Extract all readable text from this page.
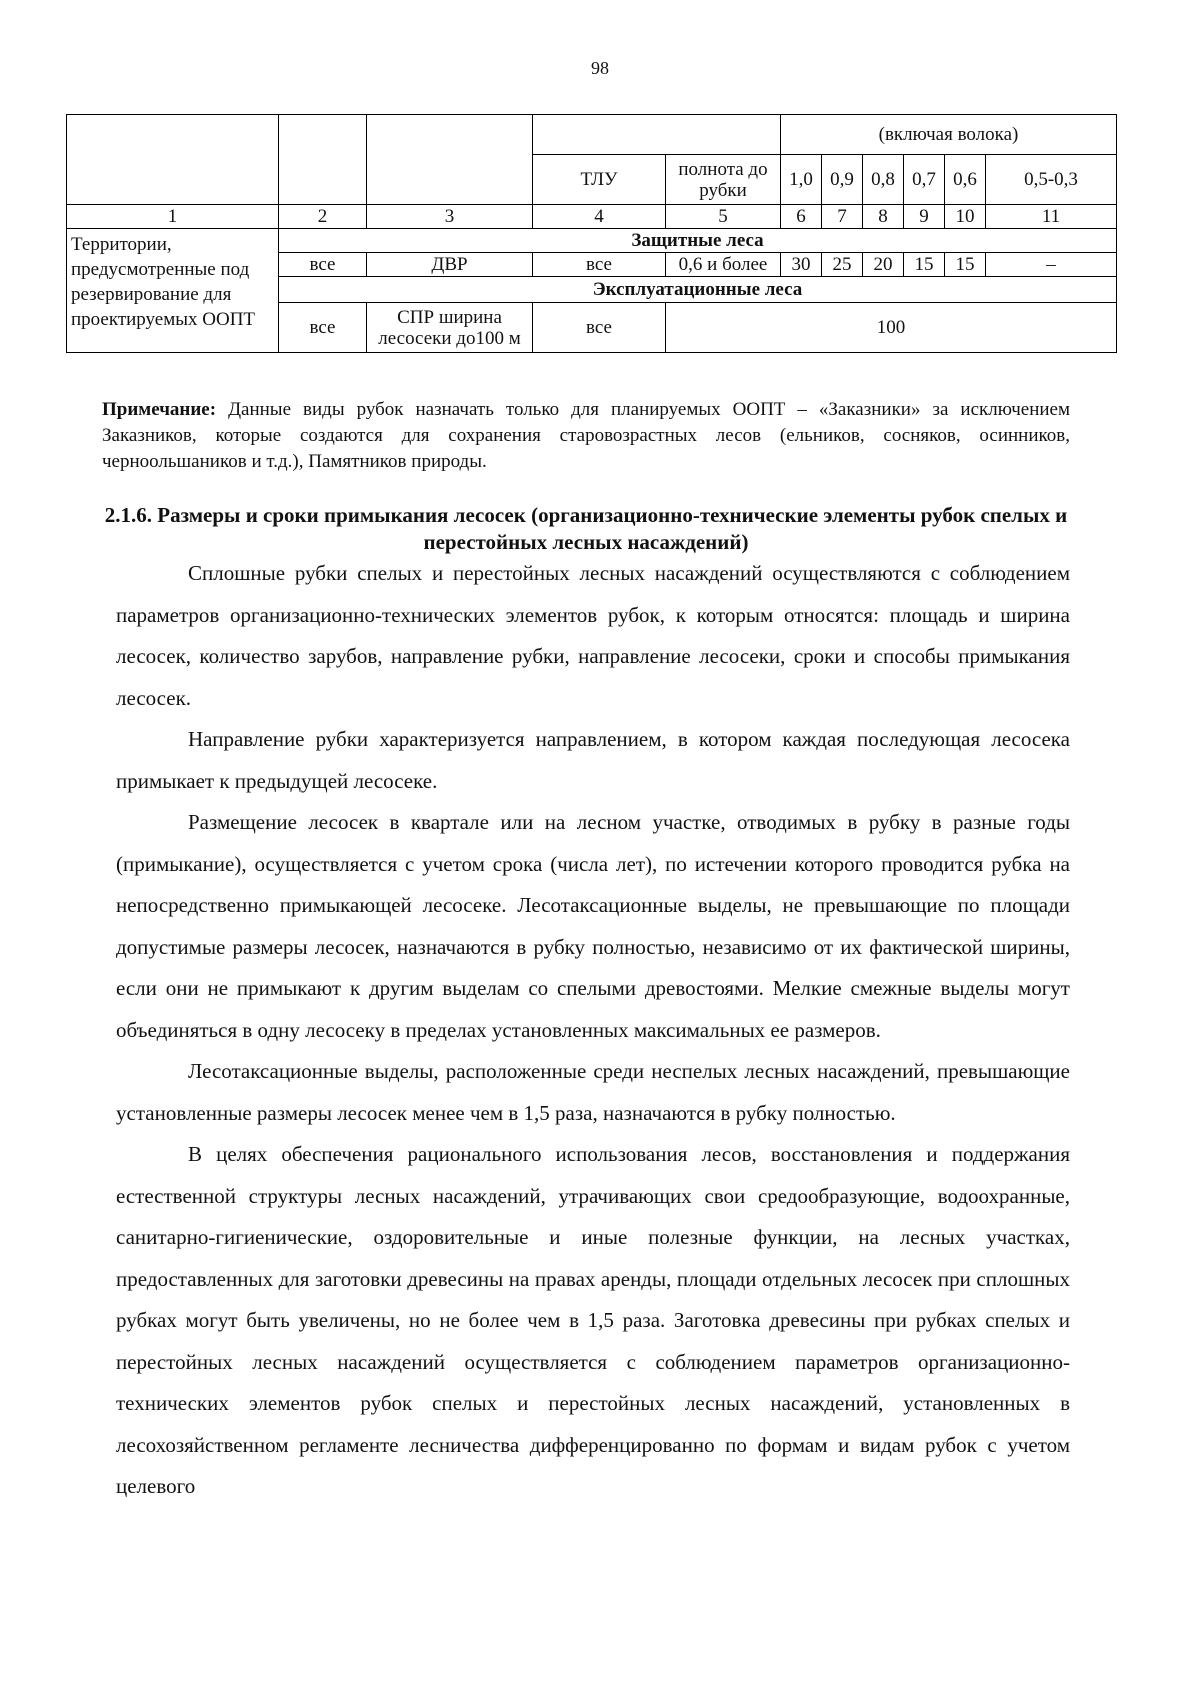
98
					(включая волока)					
			ТЛУ	полнота до рубки	1,0	0,9	0,8	0,7	0,6	0,5-0,3
1	2	3	4	5	6	7	8	9	10	11
Территории, предусмотренные под резервирование для проектируемых ООПТ	Защитные леса									
	все	ДВР	все	0,6 и более	30	25	20	15	15	–
	Эксплуатационные леса									
	все	СПР ширина лесосеки до100 м	все	100						
Примечание: Данные виды рубок назначать только для планируемых ООПТ – «Заказники» за исключением Заказников, которые создаются для сохранения старовозрастных лесов (ельников, сосняков, осинников, черноольшаников и т.д.), Памятников природы.
2.1.6. Размеры и сроки примыкания лесосек (организационно-технические элементы рубок спелых и перестойных лесных насаждений)

Сплошные рубки спелых и перестойных лесных насаждений осуществляются с соблюдением параметров организационно-технических элементов рубок, к которым относятся: площадь и ширина лесосек, количество зарубов, направление рубки, направление лесосеки, сроки и способы примыкания лесосек.

Направление рубки характеризуется направлением, в котором каждая последующая лесосека примыкает к предыдущей лесосеке.

Размещение лесосек в квартале или на лесном участке, отводимых в рубку в разные годы (примыкание), осуществляется с учетом срока (числа лет), по истечении которого проводится рубка на непосредственно примыкающей лесосеке. Лесотаксационные выделы, не превышающие по площади допустимые размеры лесосек, назначаются в рубку полностью, независимо от их фактической ширины, если они не примыкают к другим выделам со спелыми древостоями. Мелкие смежные выделы могут объединяться в одну лесосеку в пределах установленных максимальных ее размеров.

Лесотаксационные выделы, расположенные среди неспелых лесных насаждений, превышающие установленные размеры лесосек менее чем в 1,5 раза, назначаются в рубку полностью.

В целях обеспечения рационального использования лесов, восстановления и поддержания естественной структуры лесных насаждений, утрачивающих свои средообразующие, водоохранные, санитарно-гигиенические, оздоровительные и иные полезные функции, на лесных участках, предоставленных для заготовки древесины на правах аренды, площади отдельных лесосек при сплошных рубках могут быть увеличены, но не более чем в 1,5 раза. Заготовка древесины при рубках спелых и перестойных лесных насаждений осуществляется с соблюдением параметров организационно-технических элементов рубок спелых и перестойных лесных насаждений, установленных в лесохозяйственном регламенте лесничества дифференцированно по формам и видам рубок с учетом целевого
